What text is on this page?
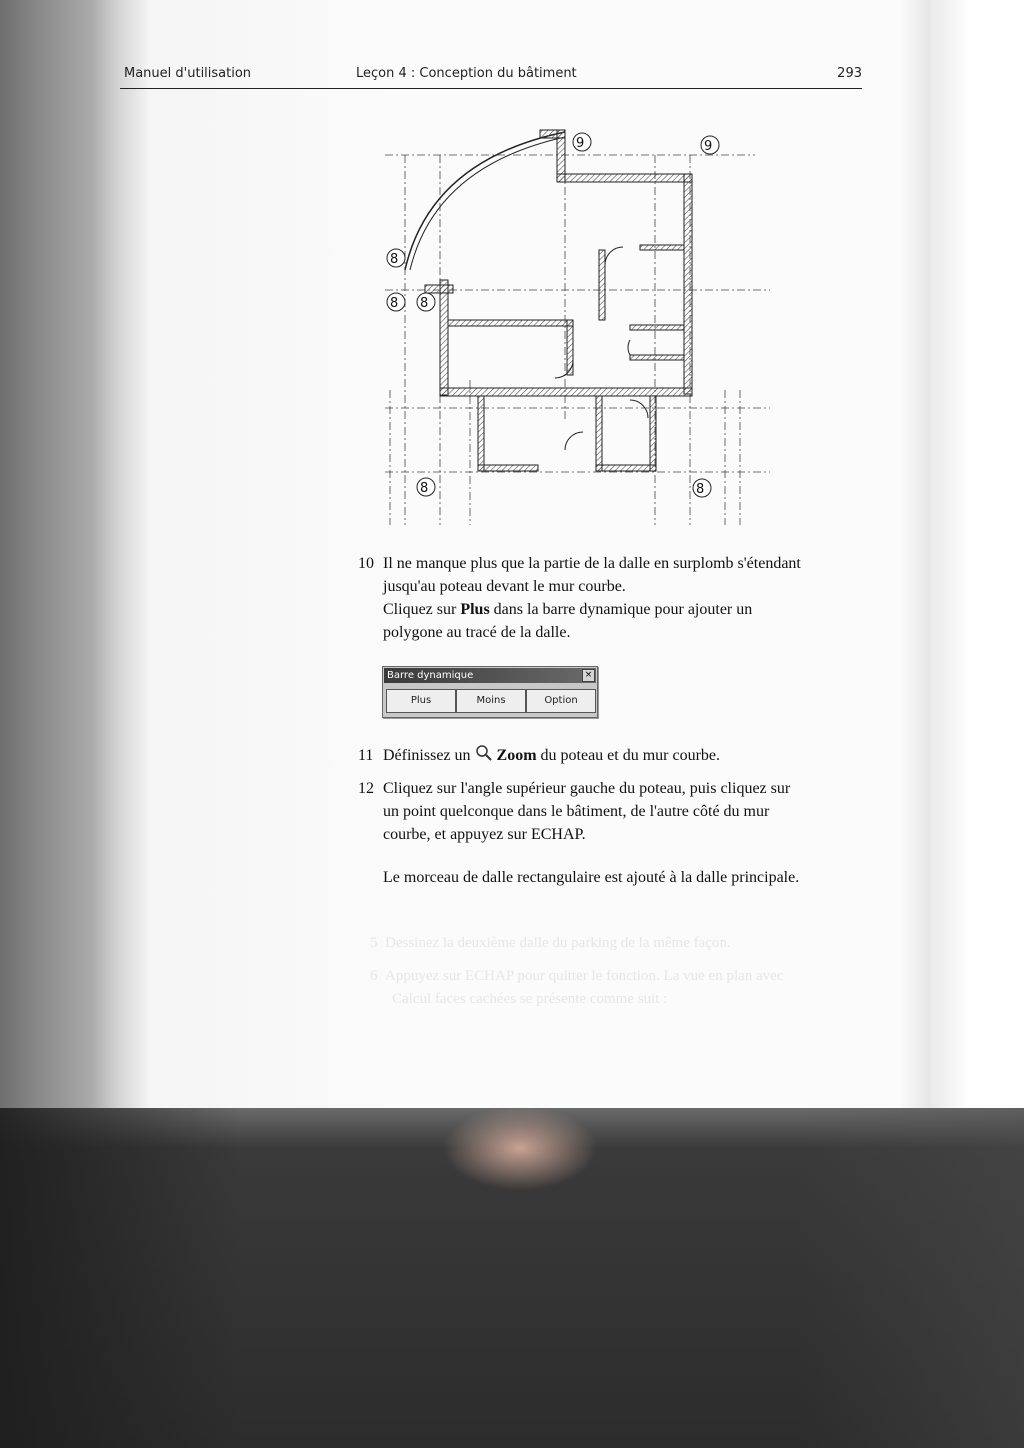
5  Dessinez la deuxième dalle du parking de la même façon.
6  Appuyez sur ECHAP pour quitter le fonction. La vue en plan avec
Calcul faces cachées se présente comme suit :
Manuel d'utilisation	Leçon 4 : Conception du bâtiment	293
9	9
8
8 8
8	8
10 Il ne manque plus que la partie de la dalle en surplomb s'étendant
jusqu'au poteau devant le mur courbe.
Cliquez sur Plus dans la barre dynamique pour ajouter un
polygone au tracé de la dalle.
Barre dynamique	×
Plus	Moins	Option
11 Définissez un  Zoom du poteau et du mur courbe.
12 Cliquez sur l'angle supérieur gauche du poteau, puis cliquez sur
un point quelconque dans le bâtiment, de l'autre côté du mur
courbe, et appuyez sur ECHAP.
Le morceau de dalle rectangulaire est ajouté à la dalle principale.
